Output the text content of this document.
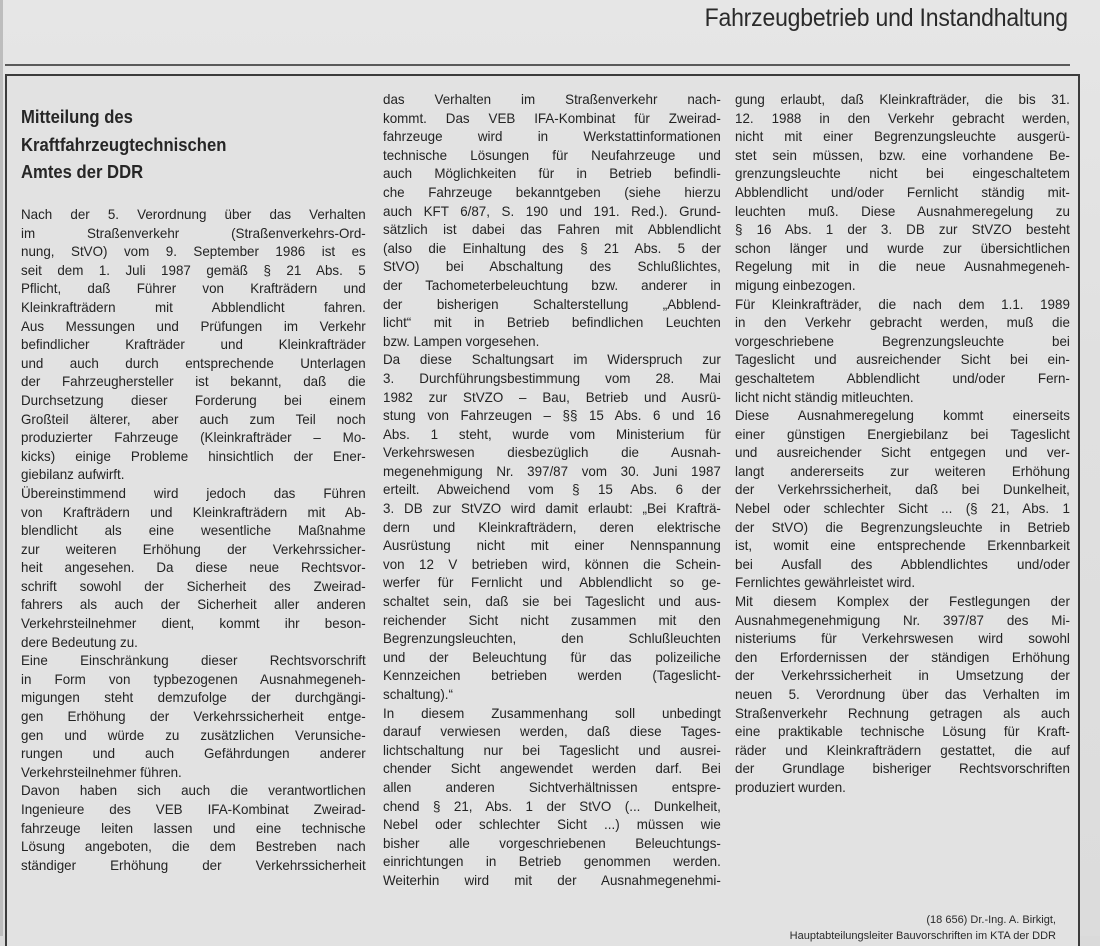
Fahrzeugbetrieb und Instandhaltung
Mitteilung des
Kraftfahrzeugtechnischen
Amtes der DDR
Nach der 5. Verordnung über das Verhalten
im Straßenverkehr (Straßenverkehrs-Ord-
nung, StVO) vom 9. September 1986 ist es
seit dem 1. Juli 1987 gemäß § 21 Abs. 5
Pflicht, daß Führer von Krafträdern und
Kleinkrafträdern mit Abblendlicht fahren.
Aus Messungen und Prüfungen im Verkehr
befindlicher Krafträder und Kleinkrafträder
und auch durch entsprechende Unterlagen
der Fahrzeughersteller ist bekannt, daß die
Durchsetzung dieser Forderung bei einem
Großteil älterer, aber auch zum Teil noch
produzierter Fahrzeuge (Kleinkrafträder – Mo-
kicks) einige Probleme hinsichtlich der Ener-
giebilanz aufwirft.
Übereinstimmend wird jedoch das Führen
von Krafträdern und Kleinkrafträdern mit Ab-
blendlicht als eine wesentliche Maßnahme
zur weiteren Erhöhung der Verkehrssicher-
heit angesehen. Da diese neue Rechtsvor-
schrift sowohl der Sicherheit des Zweirad-
fahrers als auch der Sicherheit aller anderen
Verkehrsteilnehmer dient, kommt ihr beson-
dere Bedeutung zu.
Eine Einschränkung dieser Rechtsvorschrift
in Form von typbezogenen Ausnahmegeneh-
migungen steht demzufolge der durchgängi-
gen Erhöhung der Verkehrssicherheit entge-
gen und würde zu zusätzlichen Verunsiche-
rungen und auch Gefährdungen anderer
Verkehrsteilnehmer führen.
Davon haben sich auch die verantwortlichen
Ingenieure des VEB IFA-Kombinat Zweirad-
fahrzeuge leiten lassen und eine technische
Lösung angeboten, die dem Bestreben nach
ständiger Erhöhung der Verkehrssicherheit
das Verhalten im Straßenverkehr nach-
kommt. Das VEB IFA-Kombinat für Zweirad-
fahrzeuge wird in Werkstattinformationen
technische Lösungen für Neufahrzeuge und
auch Möglichkeiten für in Betrieb befindli-
che Fahrzeuge bekanntgeben (siehe hierzu
auch KFT 6/87, S. 190 und 191. Red.). Grund-
sätzlich ist dabei das Fahren mit Abblendlicht
(also die Einhaltung des § 21 Abs. 5 der
StVO) bei Abschaltung des Schlußlichtes,
der Tachometerbeleuchtung bzw. anderer in
der bisherigen Schalterstellung „Abblend-
licht“ mit in Betrieb befindlichen Leuchten
bzw. Lampen vorgesehen.
Da diese Schaltungsart im Widerspruch zur
3. Durchführungsbestimmung vom 28. Mai
1982 zur StVZO – Bau, Betrieb und Ausrü-
stung von Fahrzeugen – §§ 15 Abs. 6 und 16
Abs. 1 steht, wurde vom Ministerium für
Verkehrswesen diesbezüglich die Ausnah-
megenehmigung Nr. 397/87 vom 30. Juni 1987
erteilt. Abweichend vom § 15 Abs. 6 der
3. DB zur StVZO wird damit erlaubt: „Bei Krafträ-
dern und Kleinkrafträdern, deren elektrische
Ausrüstung nicht mit einer Nennspannung
von 12 V betrieben wird, können die Schein-
werfer für Fernlicht und Abblendlicht so ge-
schaltet sein, daß sie bei Tageslicht und aus-
reichender Sicht nicht zusammen mit den
Begrenzungsleuchten, den Schlußleuchten
und der Beleuchtung für das polizeiliche
Kennzeichen betrieben werden (Tageslicht-
schaltung).“
In diesem Zusammenhang soll unbedingt
darauf verwiesen werden, daß diese Tages-
lichtschaltung nur bei Tageslicht und ausrei-
chender Sicht angewendet werden darf. Bei
allen anderen Sichtverhältnissen entspre-
chend § 21, Abs. 1 der StVO (... Dunkelheit,
Nebel oder schlechter Sicht ...) müssen wie
bisher alle vorgeschriebenen Beleuchtungs-
einrichtungen in Betrieb genommen werden.
Weiterhin wird mit der Ausnahmegenehmi-
gung erlaubt, daß Kleinkrafträder, die bis 31.
12. 1988 in den Verkehr gebracht werden,
nicht mit einer Begrenzungsleuchte ausgerü-
stet sein müssen, bzw. eine vorhandene Be-
grenzungsleuchte nicht bei eingeschaltetem
Abblendlicht und/oder Fernlicht ständig mit-
leuchten muß. Diese Ausnahmeregelung zu
§ 16 Abs. 1 der 3. DB zur StVZO besteht
schon länger und wurde zur übersichtlichen
Regelung mit in die neue Ausnahmegeneh-
migung einbezogen.
Für Kleinkrafträder, die nach dem 1.1. 1989
in den Verkehr gebracht werden, muß die
vorgeschriebene Begrenzungsleuchte bei
Tageslicht und ausreichender Sicht bei ein-
geschaltetem Abblendlicht und/oder Fern-
licht nicht ständig mitleuchten.
Diese Ausnahmeregelung kommt einerseits
einer günstigen Energiebilanz bei Tageslicht
und ausreichender Sicht entgegen und ver-
langt andererseits zur weiteren Erhöhung
der Verkehrssicherheit, daß bei Dunkelheit,
Nebel oder schlechter Sicht ... (§ 21, Abs. 1
der StVO) die Begrenzungsleuchte in Betrieb
ist, womit eine entsprechende Erkennbarkeit
bei Ausfall des Abblendlichtes und/oder
Fernlichtes gewährleistet wird.
Mit diesem Komplex der Festlegungen der
Ausnahmegenehmigung Nr. 397/87 des Mi-
nisteriums für Verkehrswesen wird sowohl
den Erfordernissen der ständigen Erhöhung
der Verkehrssicherheit in Umsetzung der
neuen 5. Verordnung über das Verhalten im
Straßenverkehr Rechnung getragen als auch
eine praktikable technische Lösung für Kraft-
räder und Kleinkrafträdern gestattet, die auf
der Grundlage bisheriger Rechtsvorschriften
produziert wurden.
(18 656) Dr.-Ing. A. Birkigt,
Hauptabteilungsleiter Bauvorschriften im KTA der DDR
